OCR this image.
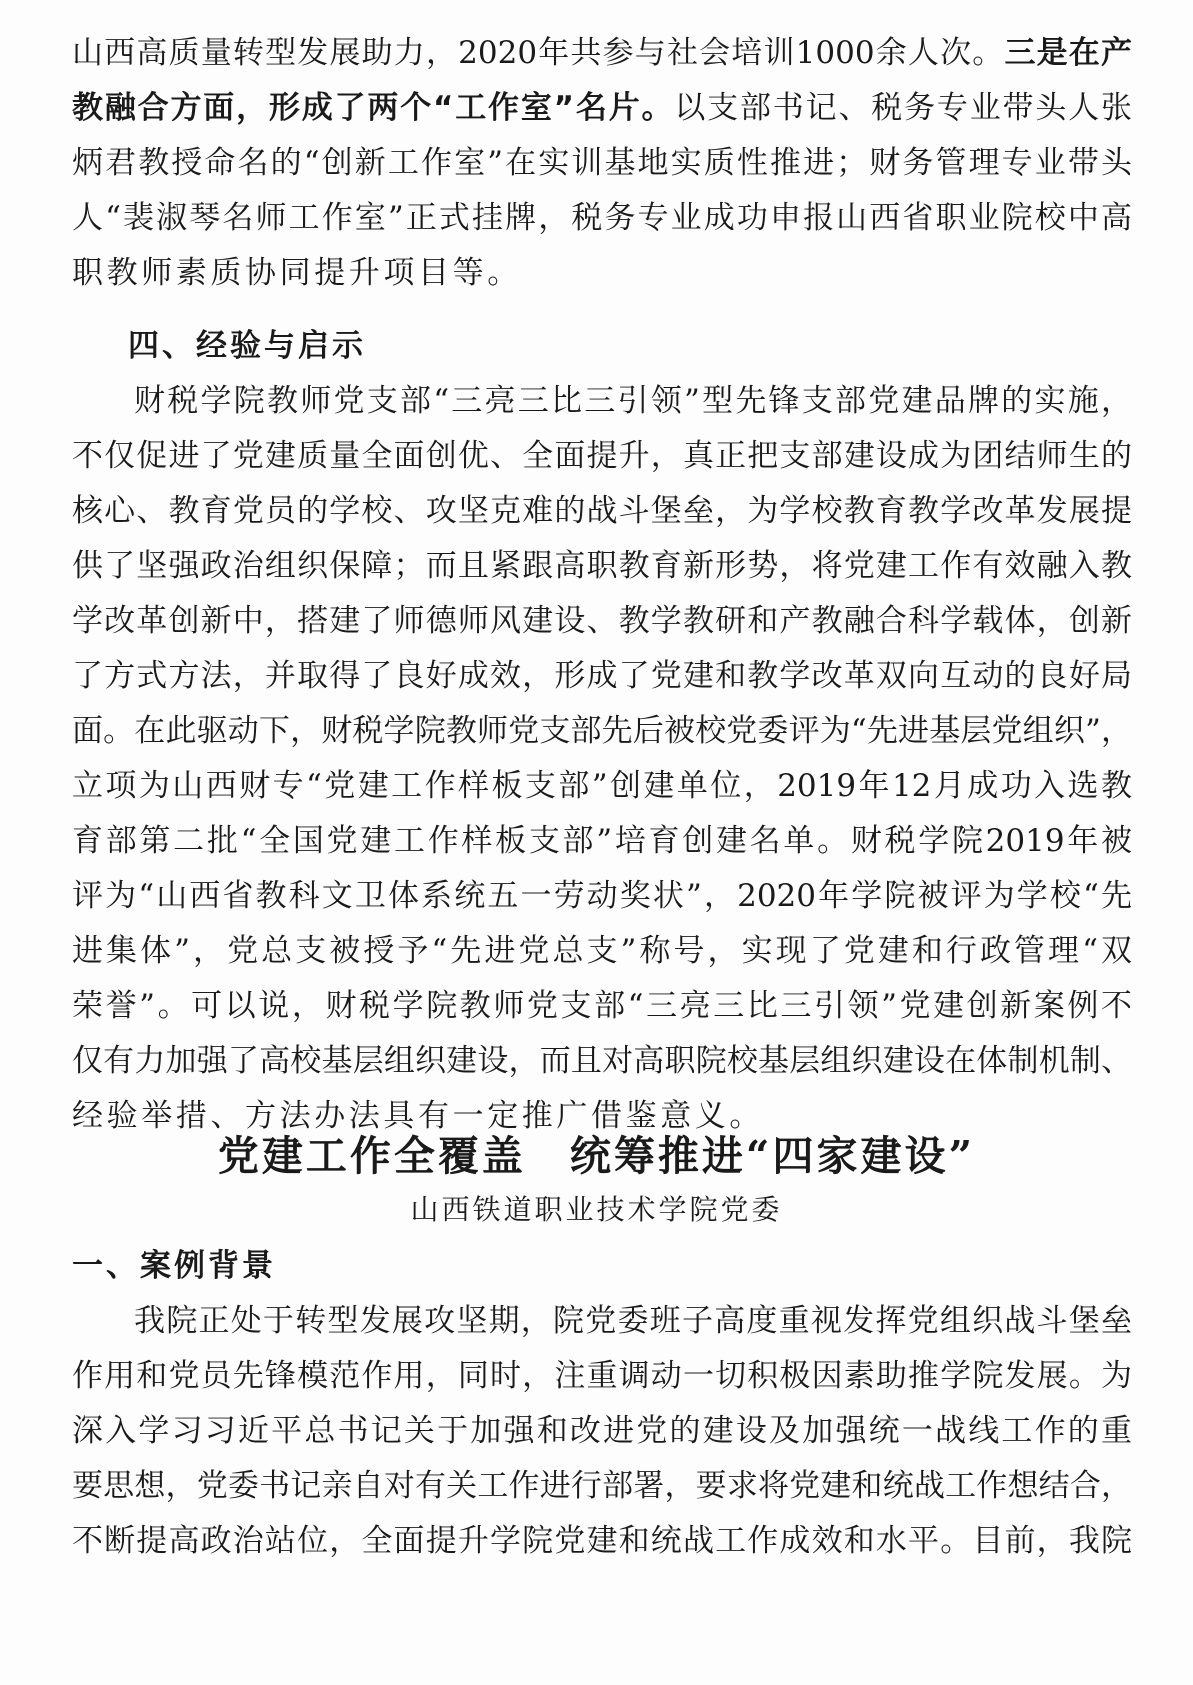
山西高质量转型发展助力，2020年共参与社会培训1000余人次。三是在产
教融合方面，形成了两个“工作室”名片。以支部书记、税务专业带头人张
炳君教授命名的“创新工作室”在实训基地实质性推进；财务管理专业带头
人“裴淑琴名师工作室”正式挂牌，税务专业成功申报山西省职业院校中高
职教师素质协同提升项目等。
四、经验与启示
财税学院教师党支部“三亮三比三引领”型先锋支部党建品牌的实施，
不仅促进了党建质量全面创优、全面提升，真正把支部建设成为团结师生的
核心、教育党员的学校、攻坚克难的战斗堡垒，为学校教育教学改革发展提
供了坚强政治组织保障；而且紧跟高职教育新形势，将党建工作有效融入教
学改革创新中，搭建了师德师风建设、教学教研和产教融合科学载体，创新
了方式方法，并取得了良好成效，形成了党建和教学改革双向互动的良好局
面。在此驱动下，财税学院教师党支部先后被校党委评为“先进基层党组织”，
立项为山西财专“党建工作样板支部”创建单位，2019年12月成功入选教
育部第二批“全国党建工作样板支部”培育创建名单。财税学院2019年被
评为“山西省教科文卫体系统五一劳动奖状”，2020年学院被评为学校“先
进集体”，党总支被授予“先进党总支”称号，实现了党建和行政管理“双
荣誉”。可以说，财税学院教师党支部“三亮三比三引领”党建创新案例不
仅有力加强了高校基层组织建设，而且对高职院校基层组织建设在体制机制、
经验举措、方法办法具有一定推广借鉴意义。
党建工作全覆盖　统筹推进“四家建设”
山西铁道职业技术学院党委
一、案例背景
我院正处于转型发展攻坚期，院党委班子高度重视发挥党组织战斗堡垒
作用和党员先锋模范作用，同时，注重调动一切积极因素助推学院发展。为
深入学习习近平总书记关于加强和改进党的建设及加强统一战线工作的重
要思想，党委书记亲自对有关工作进行部署，要求将党建和统战工作想结合，
不断提高政治站位，全面提升学院党建和统战工作成效和水平。目前，我院
